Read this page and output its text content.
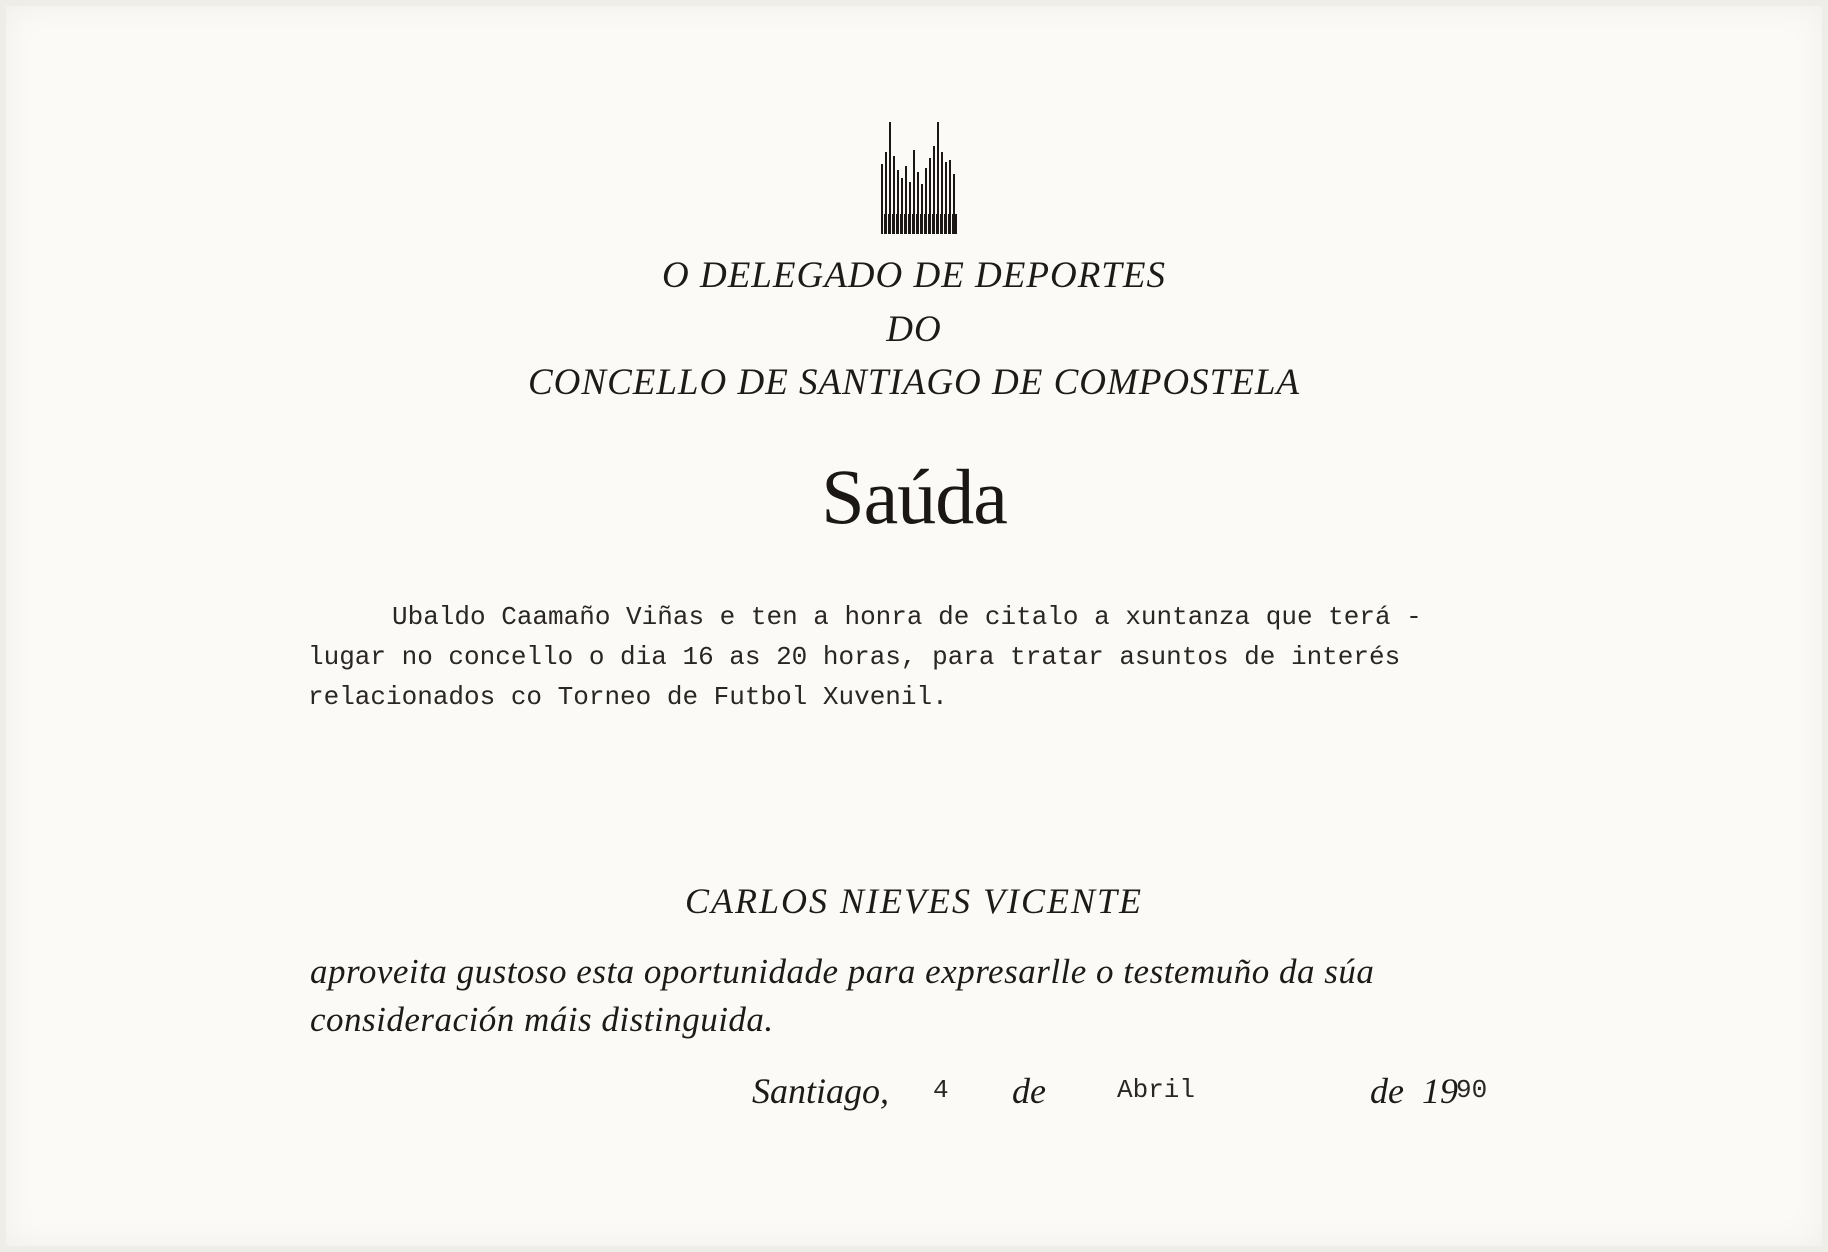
O DELEGADO DE DEPORTES
DO
CONCELLO DE SANTIAGO DE COMPOSTELA
Saúda
Ubaldo Caamaño Viñas e ten a honra de citalo a xuntanza que terá -
lugar no concello o dia 16 as 20 horas, para tratar asuntos de interés
relacionados co Torneo de Futbol Xuvenil.
CARLOS NIEVES VICENTE
aproveita gustoso esta oportunidade para expresarlle o testemuño da súa
consideración máis distinguida.
Santiago, 4 de	Abril	de 19
90
